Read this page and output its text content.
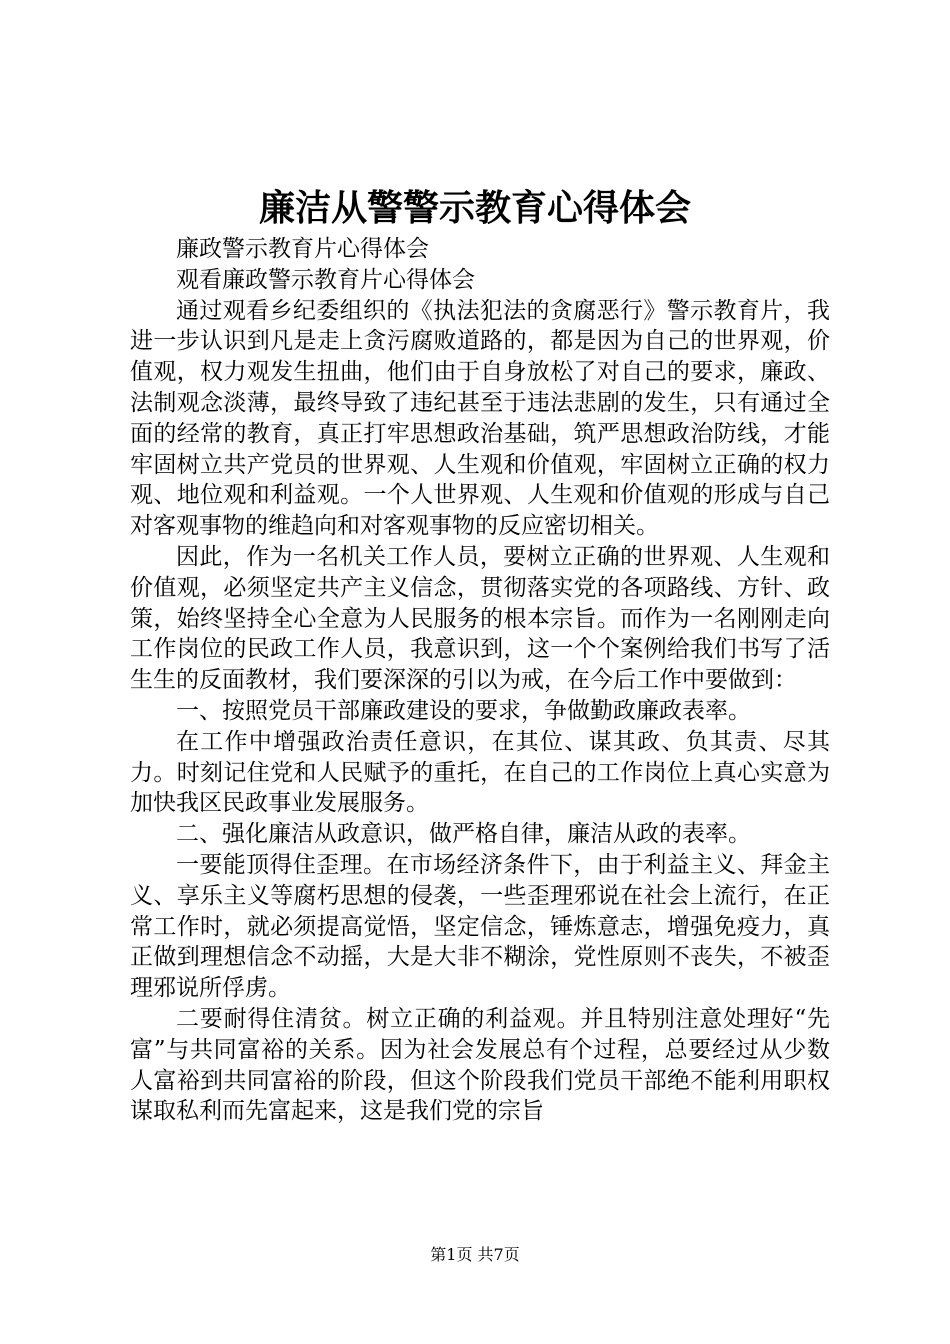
廉洁从警警示教育心得体会

廉政警示教育片心得体会

观看廉政警示教育片心得体会

通过观看乡纪委组织的《执法犯法的贪腐恶行》警示教育片，我进一步认识到凡是走上贪污腐败道路的，都是因为自己的世界观，价值观，权力观发生扭曲，他们由于自身放松了对自己的要求，廉政、法制观念淡薄，最终导致了违纪甚至于违法悲剧的发生，只有通过全面的经常的教育，真正打牢思想政治基础，筑严思想政治防线，才能牢固树立共产党员的世界观、人生观和价值观，牢固树立正确的权力观、地位观和利益观。一个人世界观、人生观和价值观的形成与自己对客观事物的维趋向和对客观事物的反应密切相关。

因此，作为一名机关工作人员，要树立正确的世界观、人生观和价值观，必须坚定共产主义信念，贯彻落实党的各项路线、方针、政策，始终坚持全心全意为人民服务的根本宗旨。而作为一名刚刚走向工作岗位的民政工作人员，我意识到，这一个个案例给我们书写了活生生的反面教材，我们要深深的引以为戒，在今后工作中要做到：

一、按照党员干部廉政建设的要求，争做勤政廉政表率。

在工作中增强政治责任意识，在其位、谋其政、负其责、尽其力。时刻记住党和人民赋予的重托，在自己的工作岗位上真心实意为加快我区民政事业发展服务。

二、强化廉洁从政意识，做严格自律，廉洁从政的表率。

一要能顶得住歪理。在市场经济条件下，由于利益主义、拜金主义、享乐主义等腐朽思想的侵袭，一些歪理邪说在社会上流行，在正常工作时，就必须提高觉悟，坚定信念，锤炼意志，增强免疫力，真正做到理想信念不动摇，大是大非不糊涂，党性原则不丧失，不被歪理邪说所俘虏。

二要耐得住清贫。树立正确的利益观。并且特别注意处理好“先富”与共同富裕的关系。因为社会发展总有个过程，总要经过从少数人富裕到共同富裕的阶段，但这个阶段我们党员干部绝不能利用职权谋取私利而先富起来，这是我们党的宗旨

第1页 共7页
